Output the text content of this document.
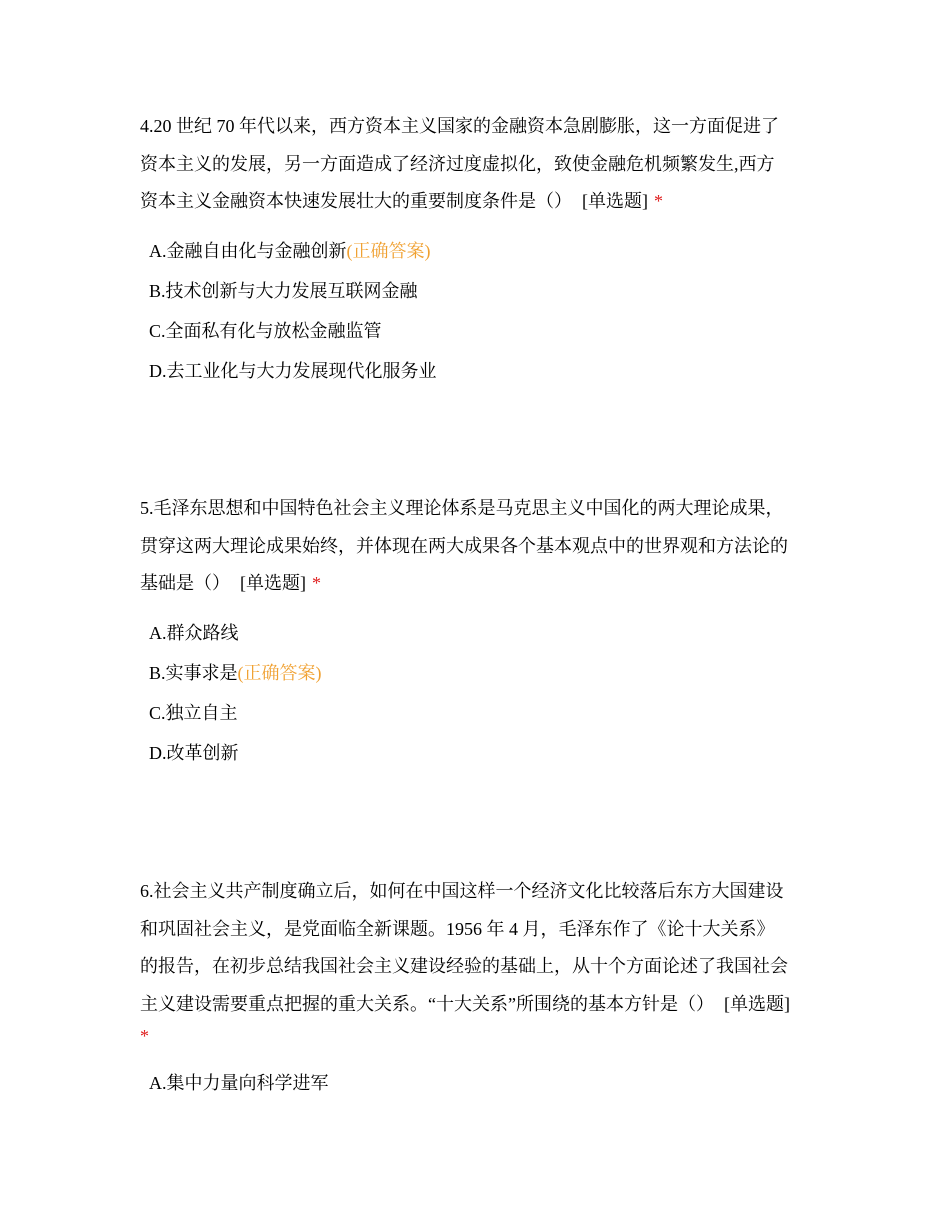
4.20 世纪 70 年代以来，西方资本主义国家的金融资本急剧膨胀，这一方面促进了

资本主义的发展，另一方面造成了经济过度虚拟化，致使金融危机频繁发生,西方

资本主义金融资本快速发展壮大的重要制度条件是（） [单选题] *

A.金融自由化与金融创新(正确答案)
B.技术创新与大力发展互联网金融
C.全面私有化与放松金融监管
D.去工业化与大力发展现代化服务业

5.毛泽东思想和中国特色社会主义理论体系是马克思主义中国化的两大理论成果，

贯穿这两大理论成果始终，并体现在两大成果各个基本观点中的世界观和方法论的

基础是（） [单选题] *

A.群众路线
B.实事求是(正确答案)
C.独立自主
D.改革创新

6.社会主义共产制度确立后，如何在中国这样一个经济文化比较落后东方大国建设

和巩固社会主义，是党面临全新课题。1956 年 4 月，毛泽东作了《论十大关系》

的报告，在初步总结我国社会主义建设经验的基础上，从十个方面论述了我国社会

主义建设需要重点把握的重大关系。“十大关系”所围绕的基本方针是（） [单选题]

*
A.集中力量向科学进军
